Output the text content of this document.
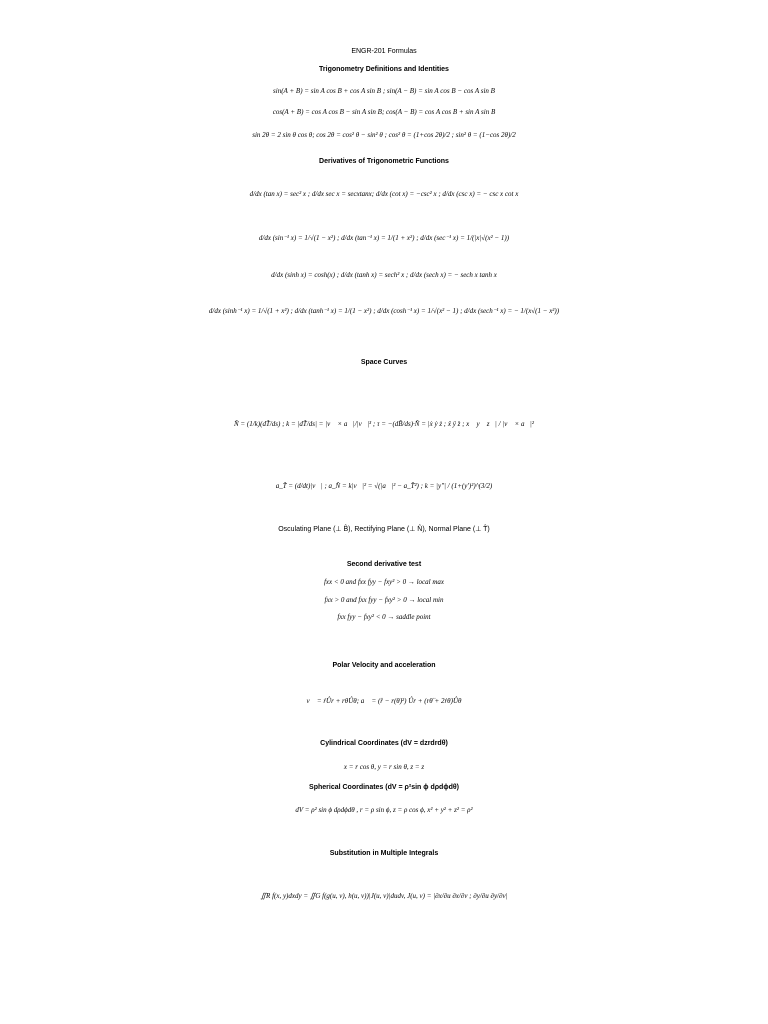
ENGR-201 Formulas
Trigonometry Definitions and Identities
sin(A + B) = sin A cos B + cos A sin B ; sin(A − B) = sin A cos B − cos A sin B
cos(A + B) = cos A cos B − sin A sin B; cos(A − B) = cos A cos B + sin A sin B
sin 2θ = 2 sin θ cos θ; cos 2θ = cos² θ − sin² θ ; cos² θ = (1+cos 2θ)/2 ; sin² θ = (1−cos 2θ)/2
Derivatives of Trigonometric Functions
d/dx (tan x) = sec² x ; d/dx sec x = secxtanx; d/dx (cot x) = −csc² x ; d/dx (csc x) = − csc x cot x
d/dx (sin⁻¹ x) = 1/√(1 − x²) ; d/dx (tan⁻¹ x) = 1/(1 + x²) ; d/dx (sec⁻¹ x) = 1/(|x|√(x² − 1))
d/dx (sinh x) = cosh(x) ; d/dx (tanh x) = sech² x ; d/dx (sech x) = − sech x tanh x
d/dx (sinh⁻¹ x) = 1/√(1 + x²) ; d/dx (tanh⁻¹ x) = 1/(1 − x²) ; d/dx (cosh⁻¹ x) = 1/√(x² − 1) ; d/dx (sech⁻¹ x) = − 1/(x√(1 − x²))
Space Curves
N̂ = (1/k)(dT̂/ds) ; k = |dT̂/ds| = |v⃗ × a⃗|/|v⃗|³ ; τ = −(dB̂/ds)·N̂ = |ẋ ẏ ż ; ẍ ÿ z̈ ; x⃛ y⃛ z⃛| / |v⃗ × a⃗|²
a_T̂ = (d/dt)|v⃗| ; a_N̂ = k|v⃗|² = √(|a⃗|² − a_T̂²) ; k = |y″| / (1+(y′)²)^(3/2)
Osculating Plane (⊥ B̂), Rectifying Plane (⊥ N̂), Normal Plane (⊥ T̂)
Second derivative test
fxx < 0 and fxx fyy − fxy² > 0 → local max
fxx > 0 and fxx fyy − fxy² > 0 → local min
fxx fyy − fxy² < 0 → saddle point
Polar Velocity and acceleration
v⃗ = ṙÛr + rθ̇Ûθ; a⃗ = (r̈ − r(θ̇)²) Ûr + (rθ̈ + 2ṙθ̇)Ûθ
Cylindrical Coordinates (dV = dzrdrdθ)
x = r cos θ, y = r sin θ, z = z
Spherical Coordinates (dV = ρ²sin ϕ dρdϕdθ)
dV = ρ² sin ϕ dρdϕdθ , r = ρ sin ϕ, z = ρ cos ϕ, x² + y² + z² = ρ²
Substitution in Multiple Integrals
∬R f(x, y)dxdy = ∬G f(g(u, v), h(u, v))|J(u, v)|dudv, J(u, v) = |∂x/∂u ∂x/∂v ; ∂y/∂u ∂y/∂v|
